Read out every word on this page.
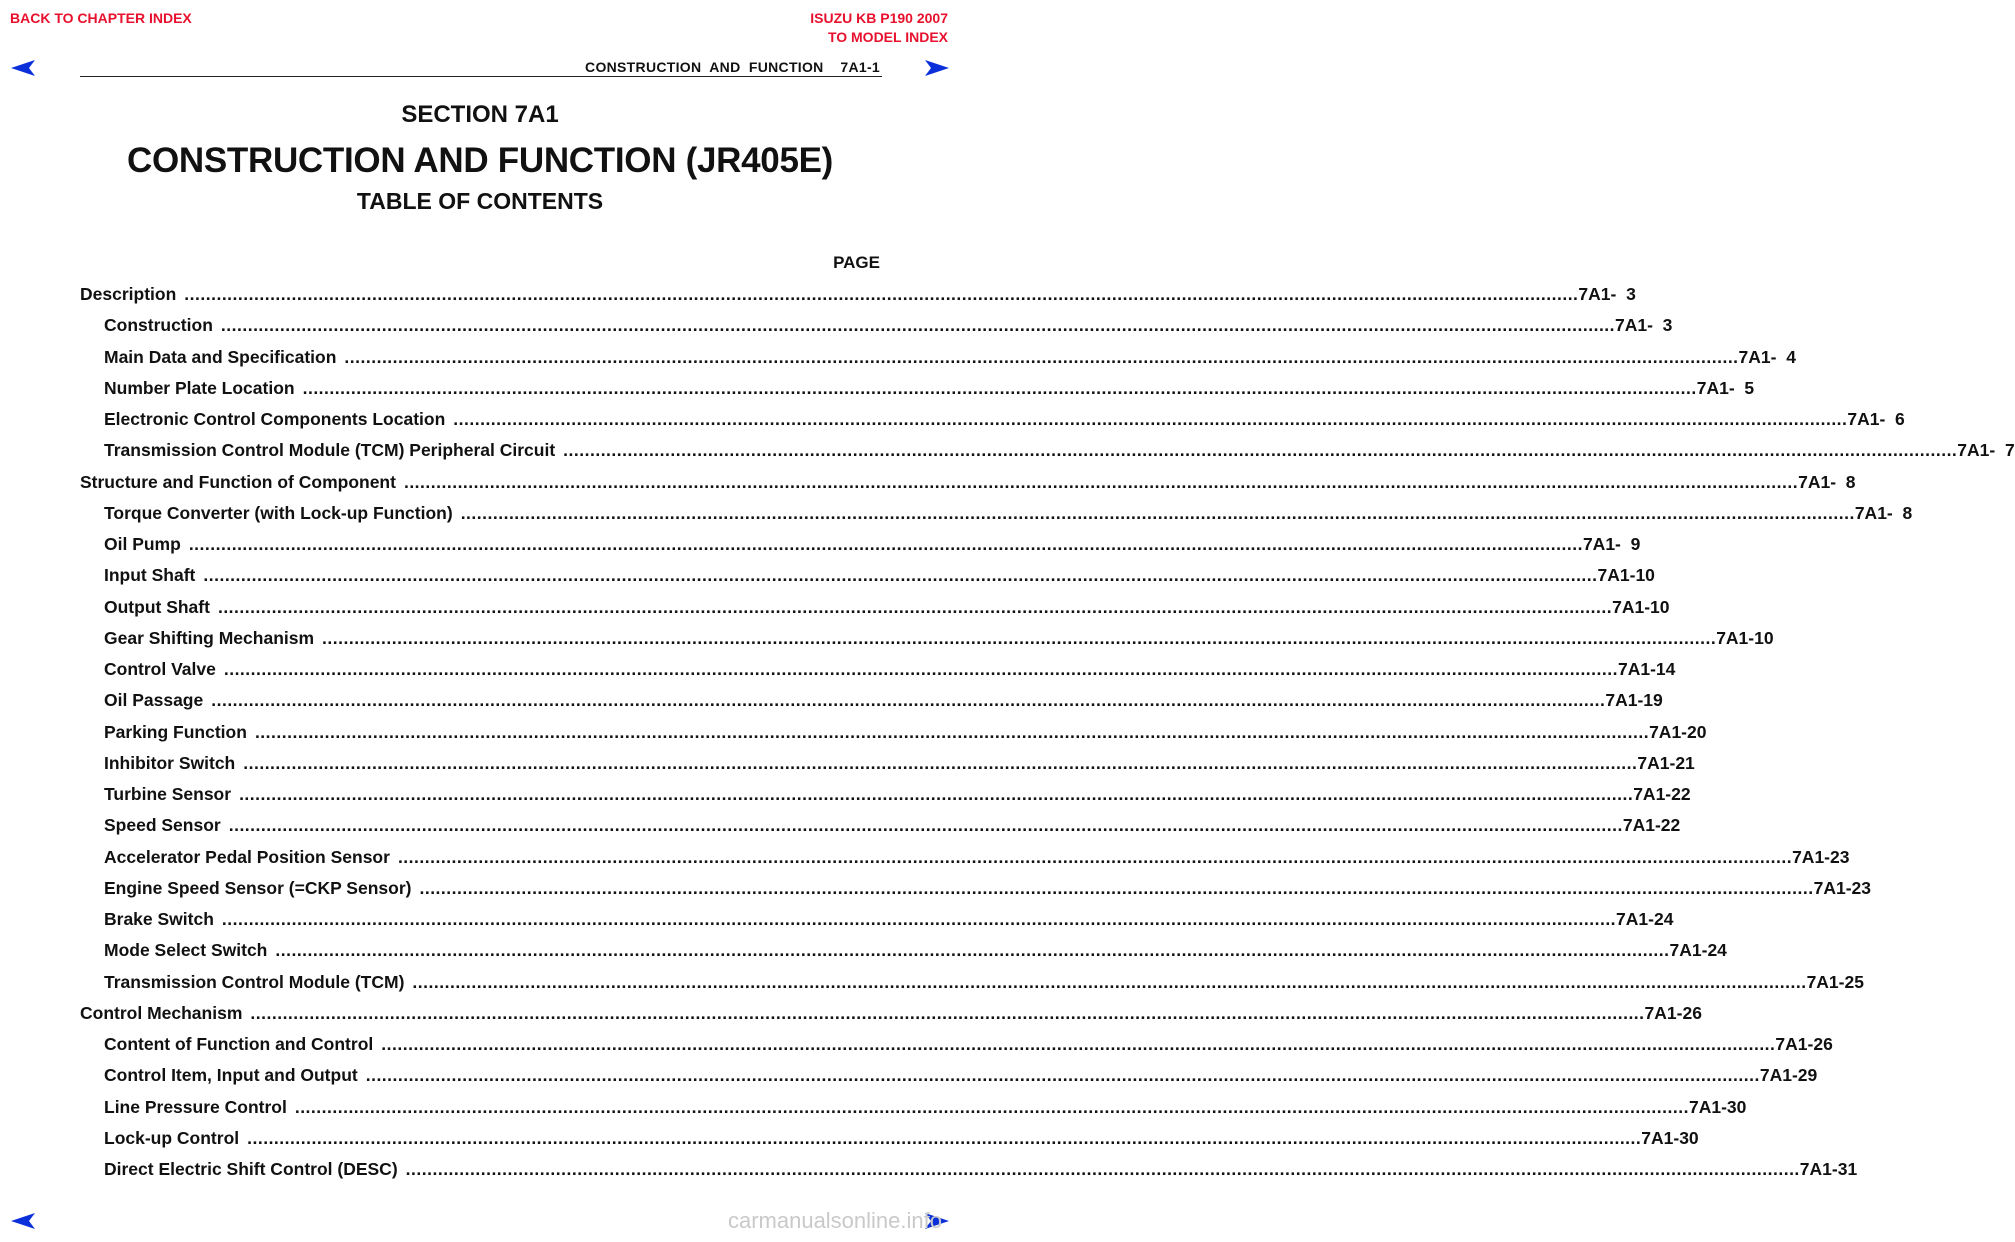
BACK TO CHAPTER INDEX	ISUZU KB P190 2007
TO MODEL INDEX
CONSTRUCTION  AND  FUNCTION    7A1-1
SECTION 7A1
CONSTRUCTION AND FUNCTION (JR405E)
TABLE OF CONTENTS
PAGE
Description .................................................................................................................................................................................................................................................................... 7A1-  3
Construction .................................................................................................................................................................................................................................................................... 7A1-  3
Main Data and Specification .................................................................................................................................................................................................................................................................... 7A1-  4
Number Plate Location .................................................................................................................................................................................................................................................................... 7A1-  5
Electronic Control Components Location .................................................................................................................................................................................................................................................................... 7A1-  6
Transmission Control Module (TCM) Peripheral Circuit .................................................................................................................................................................................................................................................................... 7A1-  7
Structure and Function of Component .................................................................................................................................................................................................................................................................... 7A1-  8
Torque Converter (with Lock-up Function) .................................................................................................................................................................................................................................................................... 7A1-  8
Oil Pump .................................................................................................................................................................................................................................................................... 7A1-  9
Input Shaft .................................................................................................................................................................................................................................................................... 7A1-10
Output Shaft .................................................................................................................................................................................................................................................................... 7A1-10
Gear Shifting Mechanism .................................................................................................................................................................................................................................................................... 7A1-10
Control Valve .................................................................................................................................................................................................................................................................... 7A1-14
Oil Passage .................................................................................................................................................................................................................................................................... 7A1-19
Parking Function .................................................................................................................................................................................................................................................................... 7A1-20
Inhibitor Switch .................................................................................................................................................................................................................................................................... 7A1-21
Turbine Sensor .................................................................................................................................................................................................................................................................... 7A1-22
Speed Sensor .................................................................................................................................................................................................................................................................... 7A1-22
Accelerator Pedal Position Sensor .................................................................................................................................................................................................................................................................... 7A1-23
Engine Speed Sensor (=CKP Sensor) .................................................................................................................................................................................................................................................................... 7A1-23
Brake Switch .................................................................................................................................................................................................................................................................... 7A1-24
Mode Select Switch .................................................................................................................................................................................................................................................................... 7A1-24
Transmission Control Module (TCM) .................................................................................................................................................................................................................................................................... 7A1-25
Control Mechanism .................................................................................................................................................................................................................................................................... 7A1-26
Content of Function and Control .................................................................................................................................................................................................................................................................... 7A1-26
Control Item, Input and Output .................................................................................................................................................................................................................................................................... 7A1-29
Line Pressure Control .................................................................................................................................................................................................................................................................... 7A1-30
Lock-up Control .................................................................................................................................................................................................................................................................... 7A1-30
Direct Electric Shift Control (DESC) .................................................................................................................................................................................................................................................................... 7A1-31
carmanualsonline.info
